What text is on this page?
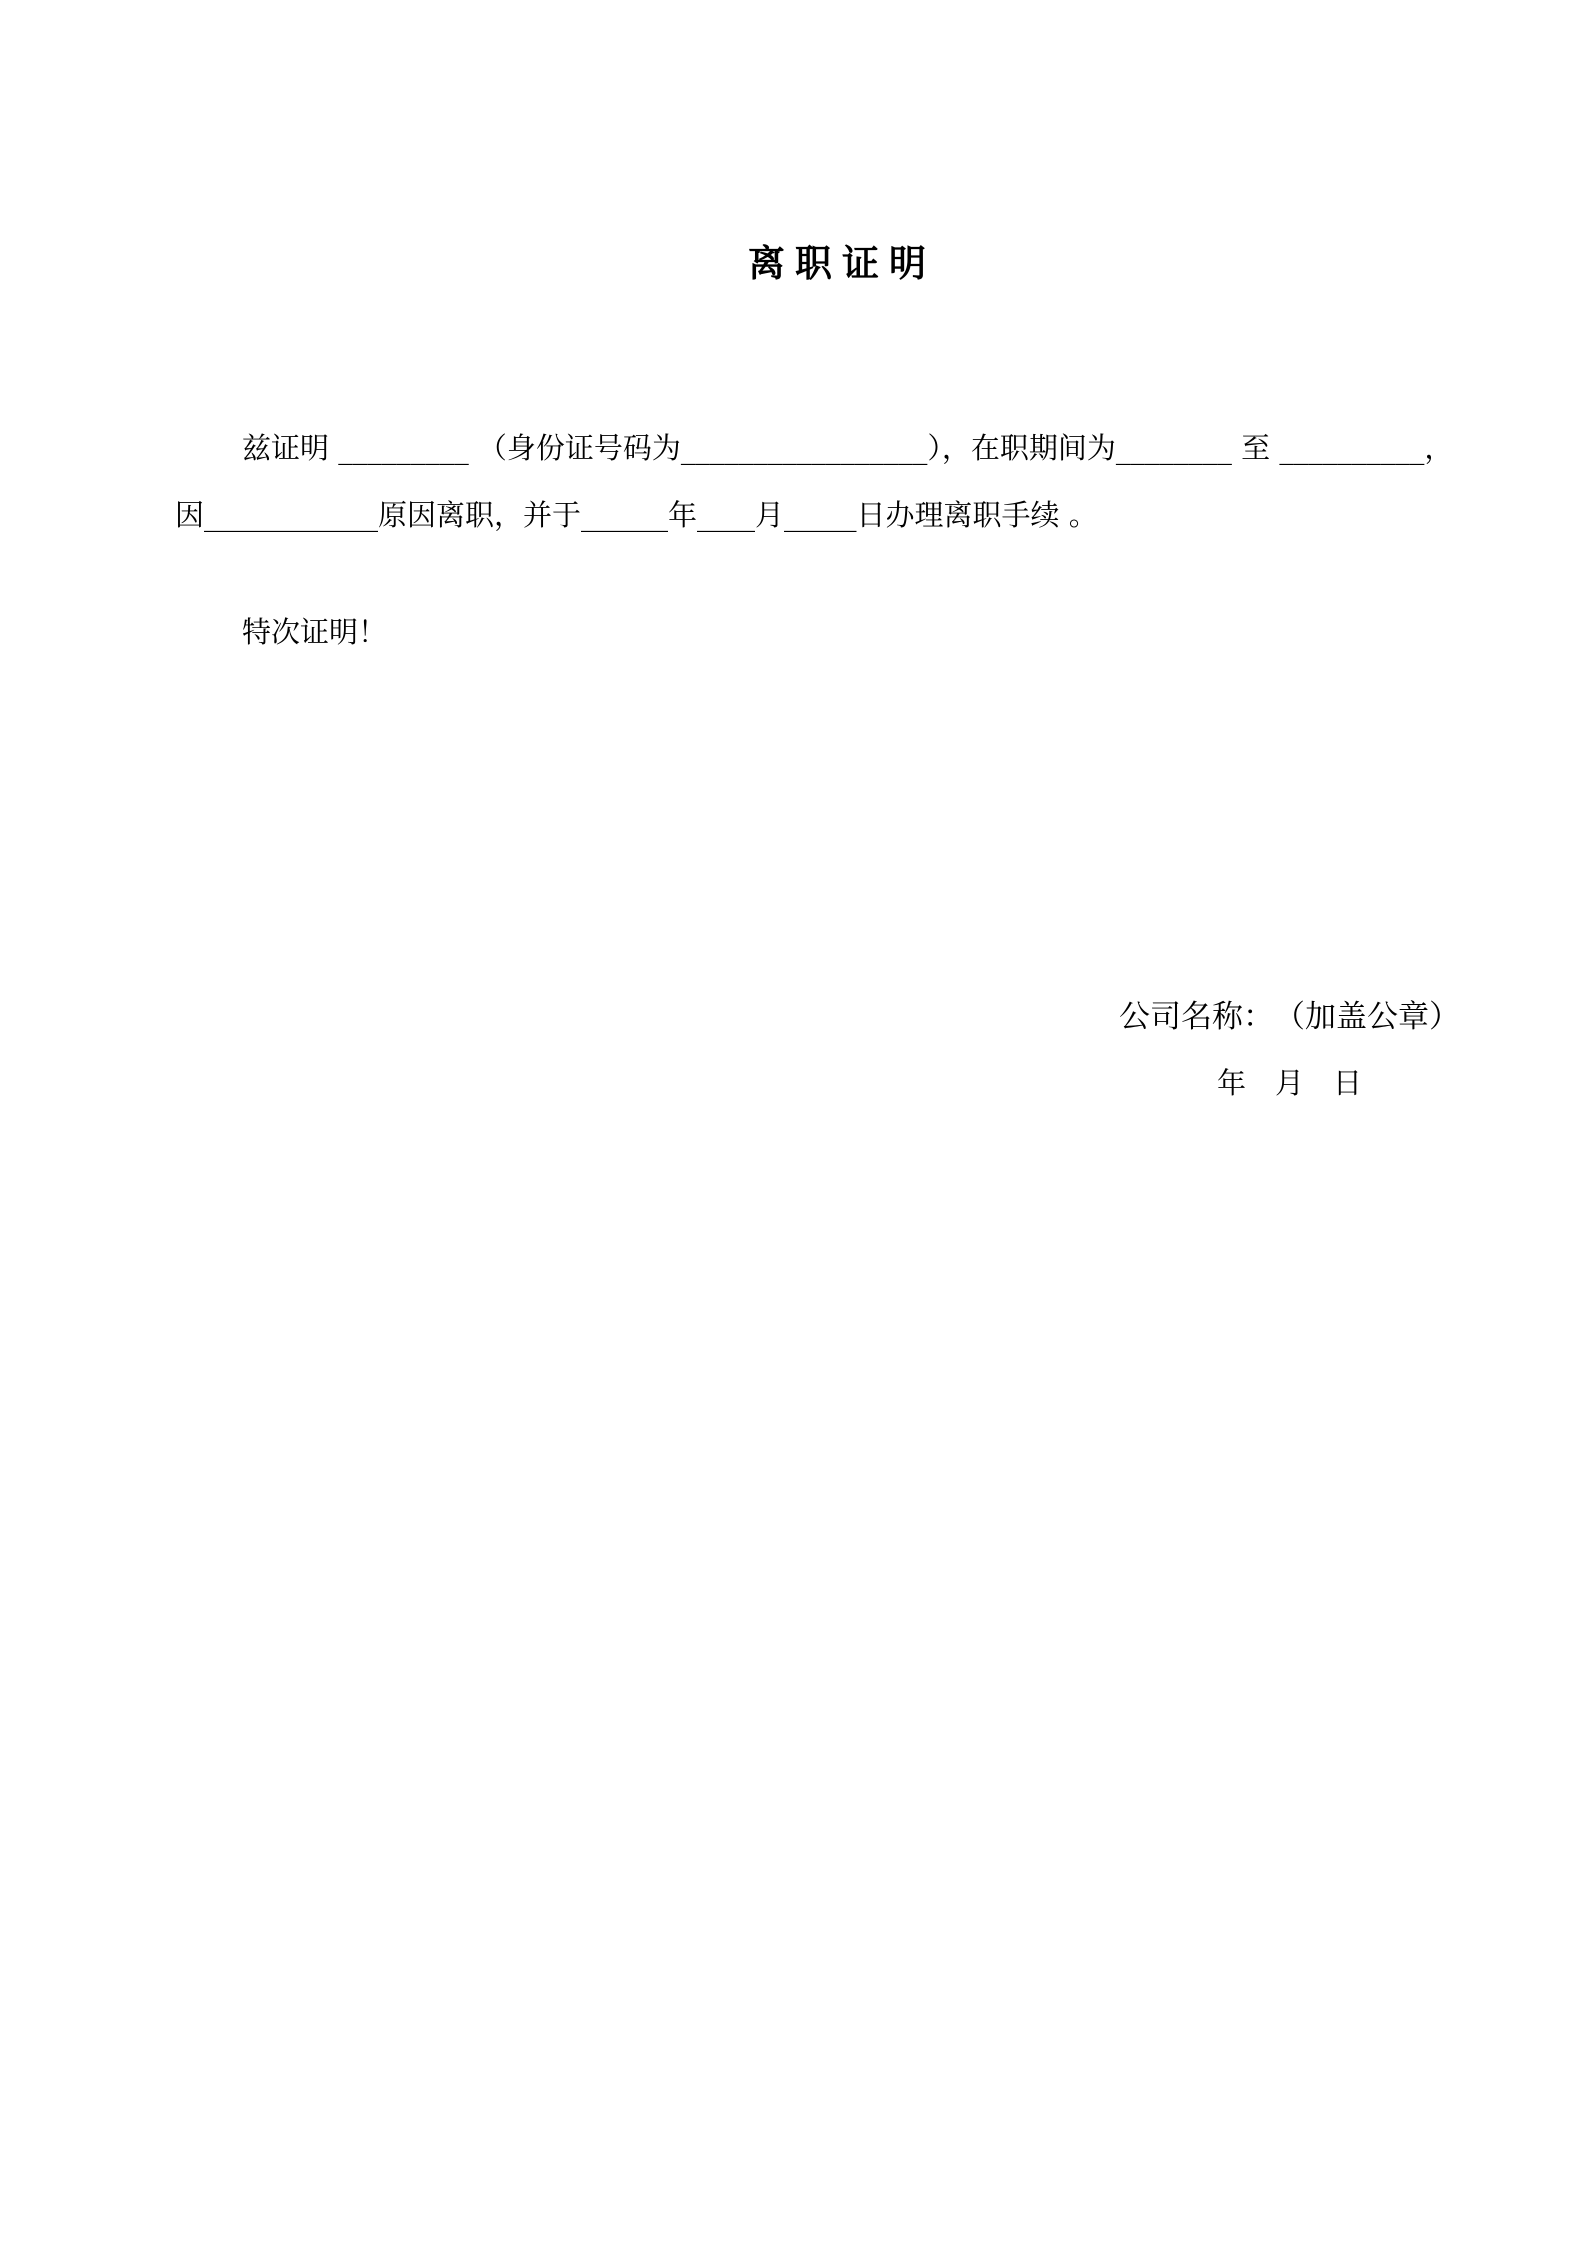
离职证明
兹证明 _________ （身份证号码为_________________），在职期间为________ 至 __________，
因____________原因离职，并于______年____月_____日办理离职手续 。
特次证明！
公司名称：　（加盖公章）
年　月　日
